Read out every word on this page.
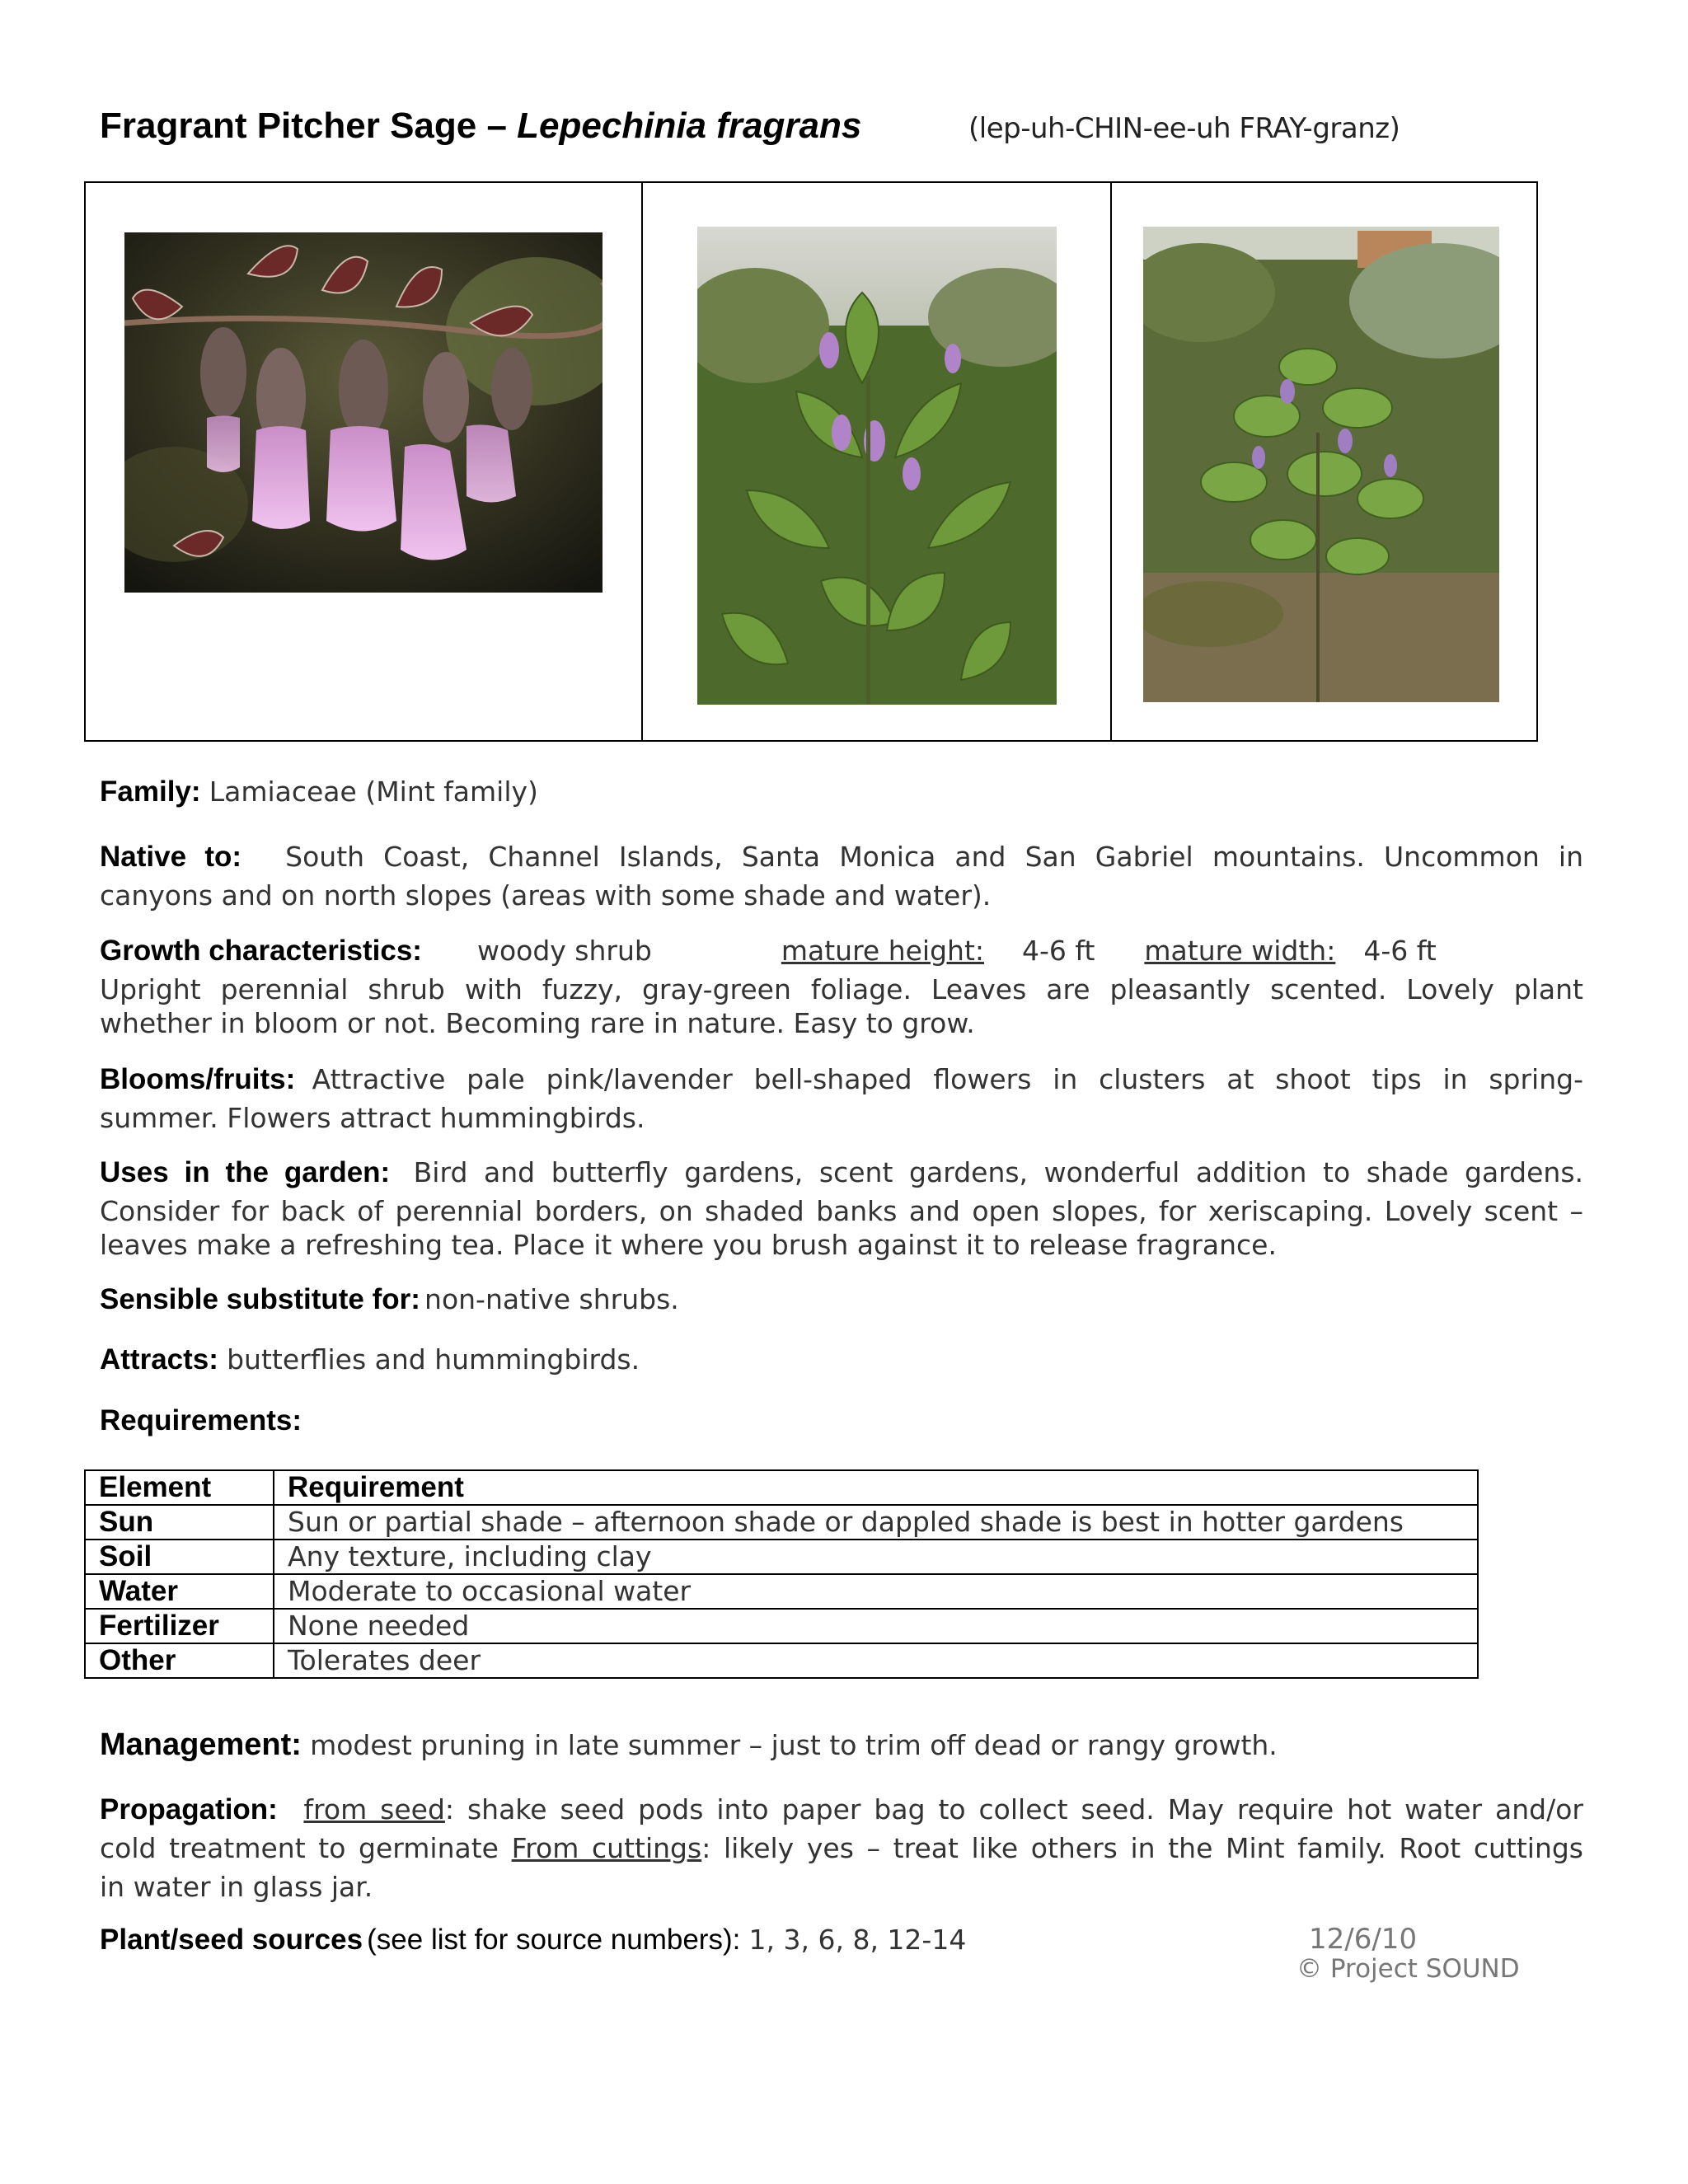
Fragrant Pitcher Sage – Lepechinia fragrans	(lep-uh-CHIN-ee-uh FRAY-granz)
Family: Lamiaceae (Mint family)
Native to: South Coast, Channel Islands, Santa Monica and San Gabriel mountains. Uncommon in
canyons and on north slopes (areas with some shade and water).
Growth characteristics: woody shrub	mature height: 4-6 ft mature width: 4-6 ft
Upright perennial shrub with fuzzy, gray-green foliage. Leaves are pleasantly scented. Lovely plant
whether in bloom or not. Becoming rare in nature. Easy to grow.
Blooms/fruits: Attractive pale pink/lavender bell-shaped flowers in clusters at shoot tips in spring-
summer. Flowers attract hummingbirds.
Uses in the garden: Bird and butterfly gardens, scent gardens, wonderful addition to shade gardens.
Consider for back of perennial borders, on shaded banks and open slopes, for xeriscaping. Lovely scent –
leaves make a refreshing tea. Place it where you brush against it to release fragrance.
Sensible substitute for: non-native shrubs.
Attracts: butterflies and hummingbirds.
Requirements:
Element	Requirement
Sun	Sun or partial shade – afternoon shade or dappled shade is best in hotter gardens
Soil	Any texture, including clay
Water	Moderate to occasional water
Fertilizer	None needed
Other	Tolerates deer
Management: modest pruning in late summer – just to trim off dead or rangy growth.
Propagation: from seed: shake seed pods into paper bag to collect seed. May require hot water and/or
cold treatment to germinate From cuttings: likely yes – treat like others in the Mint family. Root cuttings
in water in glass jar.
Plant/seed sources (see list for source numbers): 1, 3, 6, 8, 12-14	12/6/10
© Project SOUND
